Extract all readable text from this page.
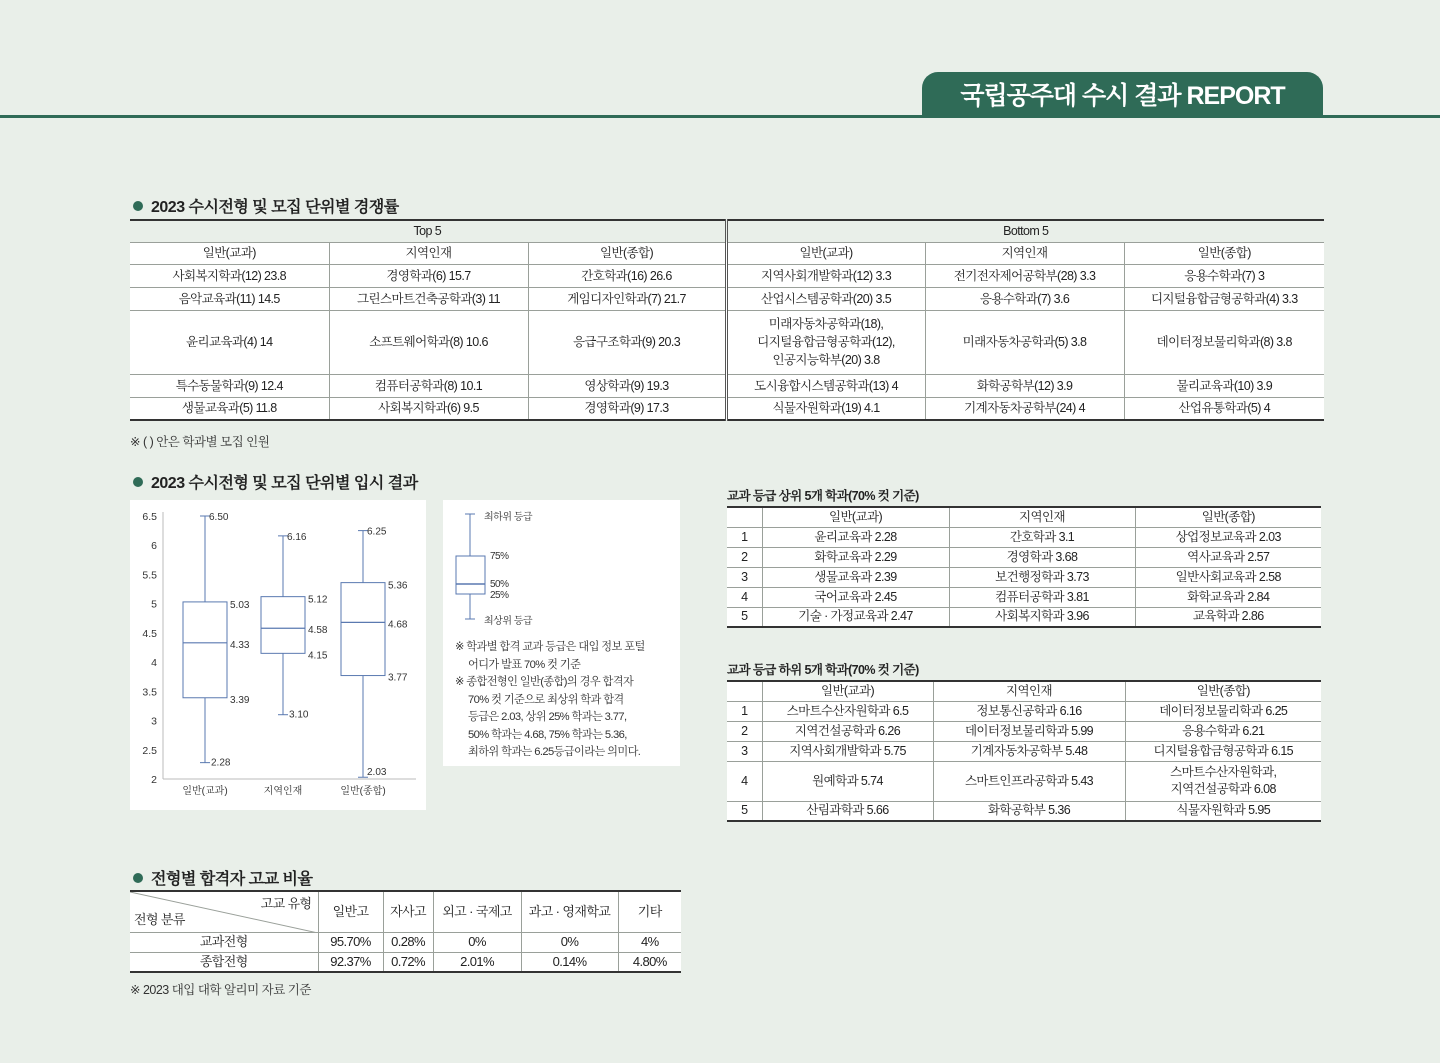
국립공주대 수시 결과 REPORT
2023 수시전형 및 모집 단위별 경쟁률
Top 5			Bottom 5		
일반(교과)	지역인재	일반(종합)	일반(교과)	지역인재	일반(종합)
사회복지학과(12) 23.8	경영학과(6) 15.7	간호학과(16) 26.6	지역사회개발학과(12) 3.3	전기전자제어공학부(28) 3.3	응용수학과(7) 3
음악교육과(11) 14.5	그린스마트건축공학과(3) 11	게임디자인학과(7) 21.7	산업시스템공학과(20) 3.5	응용수학과(7) 3.6	디지털융합금형공학과(4) 3.3
윤리교육과(4) 14	소프트웨어학과(8) 10.6	응급구조학과(9) 20.3	미래자동차공학과(18),
디지털융합금형공학과(12),
인공지능학부(20) 3.8	미래자동차공학과(5) 3.8	데이터정보물리학과(8) 3.8
특수동물학과(9) 12.4	컴퓨터공학과(8) 10.1	영상학과(9) 19.3	도시융합시스템공학과(13) 4	화학공학부(12) 3.9	물리교육과(10) 3.9
생물교육과(5) 11.8	사회복지학과(6) 9.5	경영학과(9) 17.3	식물자원학과(19) 4.1	기계자동차공학부(24) 4	산업유통학과(5) 4
※ ( ) 안은 학과별 모집 인원
2023 수시전형 및 모집 단위별 입시 결과
2
2.5
3
3.5
4
4.5
5
5.5
6
6.5	6.50
5.03
4.33
3.39
2.28
일반(교과)
6.16
5.12
4.58
4.15
3.10
지역인재
6.25
5.36
4.68
3.77
2.03
일반(종합)
최하위 등급
75%
50%
25%
최상위 등급
※ 학과별 합격 교과 등급은 대입 정보 포털
어디가 발표 70% 컷 기준
※ 종합전형인 일반(종합)의 경우 합격자
70% 컷 기준으로 최상위 학과 합격
등급은 2.03, 상위 25% 학과는 3.77,
50% 학과는 4.68, 75% 학과는 5.36,
최하위 학과는 6.25등급이라는 의미다.
교과 등급 상위 5개 학과(70% 컷 기준)
	일반(교과)	지역인재	일반(종합)
1	윤리교육과 2.28	간호학과 3.1	상업정보교육과 2.03
2	화학교육과 2.29	경영학과 3.68	역사교육과 2.57
3	생물교육과 2.39	보건행정학과 3.73	일반사회교육과 2.58
4	국어교육과 2.45	컴퓨터공학과 3.81	화학교육과 2.84
5	기술 · 가정교육과 2.47	사회복지학과 3.96	교육학과 2.86
교과 등급 하위 5개 학과(70% 컷 기준)
	일반(교과)	지역인재	일반(종합)
1	스마트수산자원학과 6.5	정보통신공학과 6.16	데이터정보물리학과 6.25
2	지역건설공학과 6.26	데이터정보물리학과 5.99	응용수학과 6.21
3	지역사회개발학과 5.75	기계자동차공학부 5.48	디지털융합금형공학과 6.15
4	원예학과 5.74	스마트인프라공학과 5.43	스마트수산자원학과,
지역건설공학과 6.08
5	산림과학과 5.66	화학공학부 5.36	식물자원학과 5.95
전형별 합격자 고교 비율
고교 유형
전형 분류	일반고	자사고	외고 · 국제고	과고 · 영재학교	기타
교과전형	95.70%	0.28%	0%	0%	4%
종합전형	92.37%	0.72%	2.01%	0.14%	4.80%
※ 2023 대입 대학 알리미 자료 기준
